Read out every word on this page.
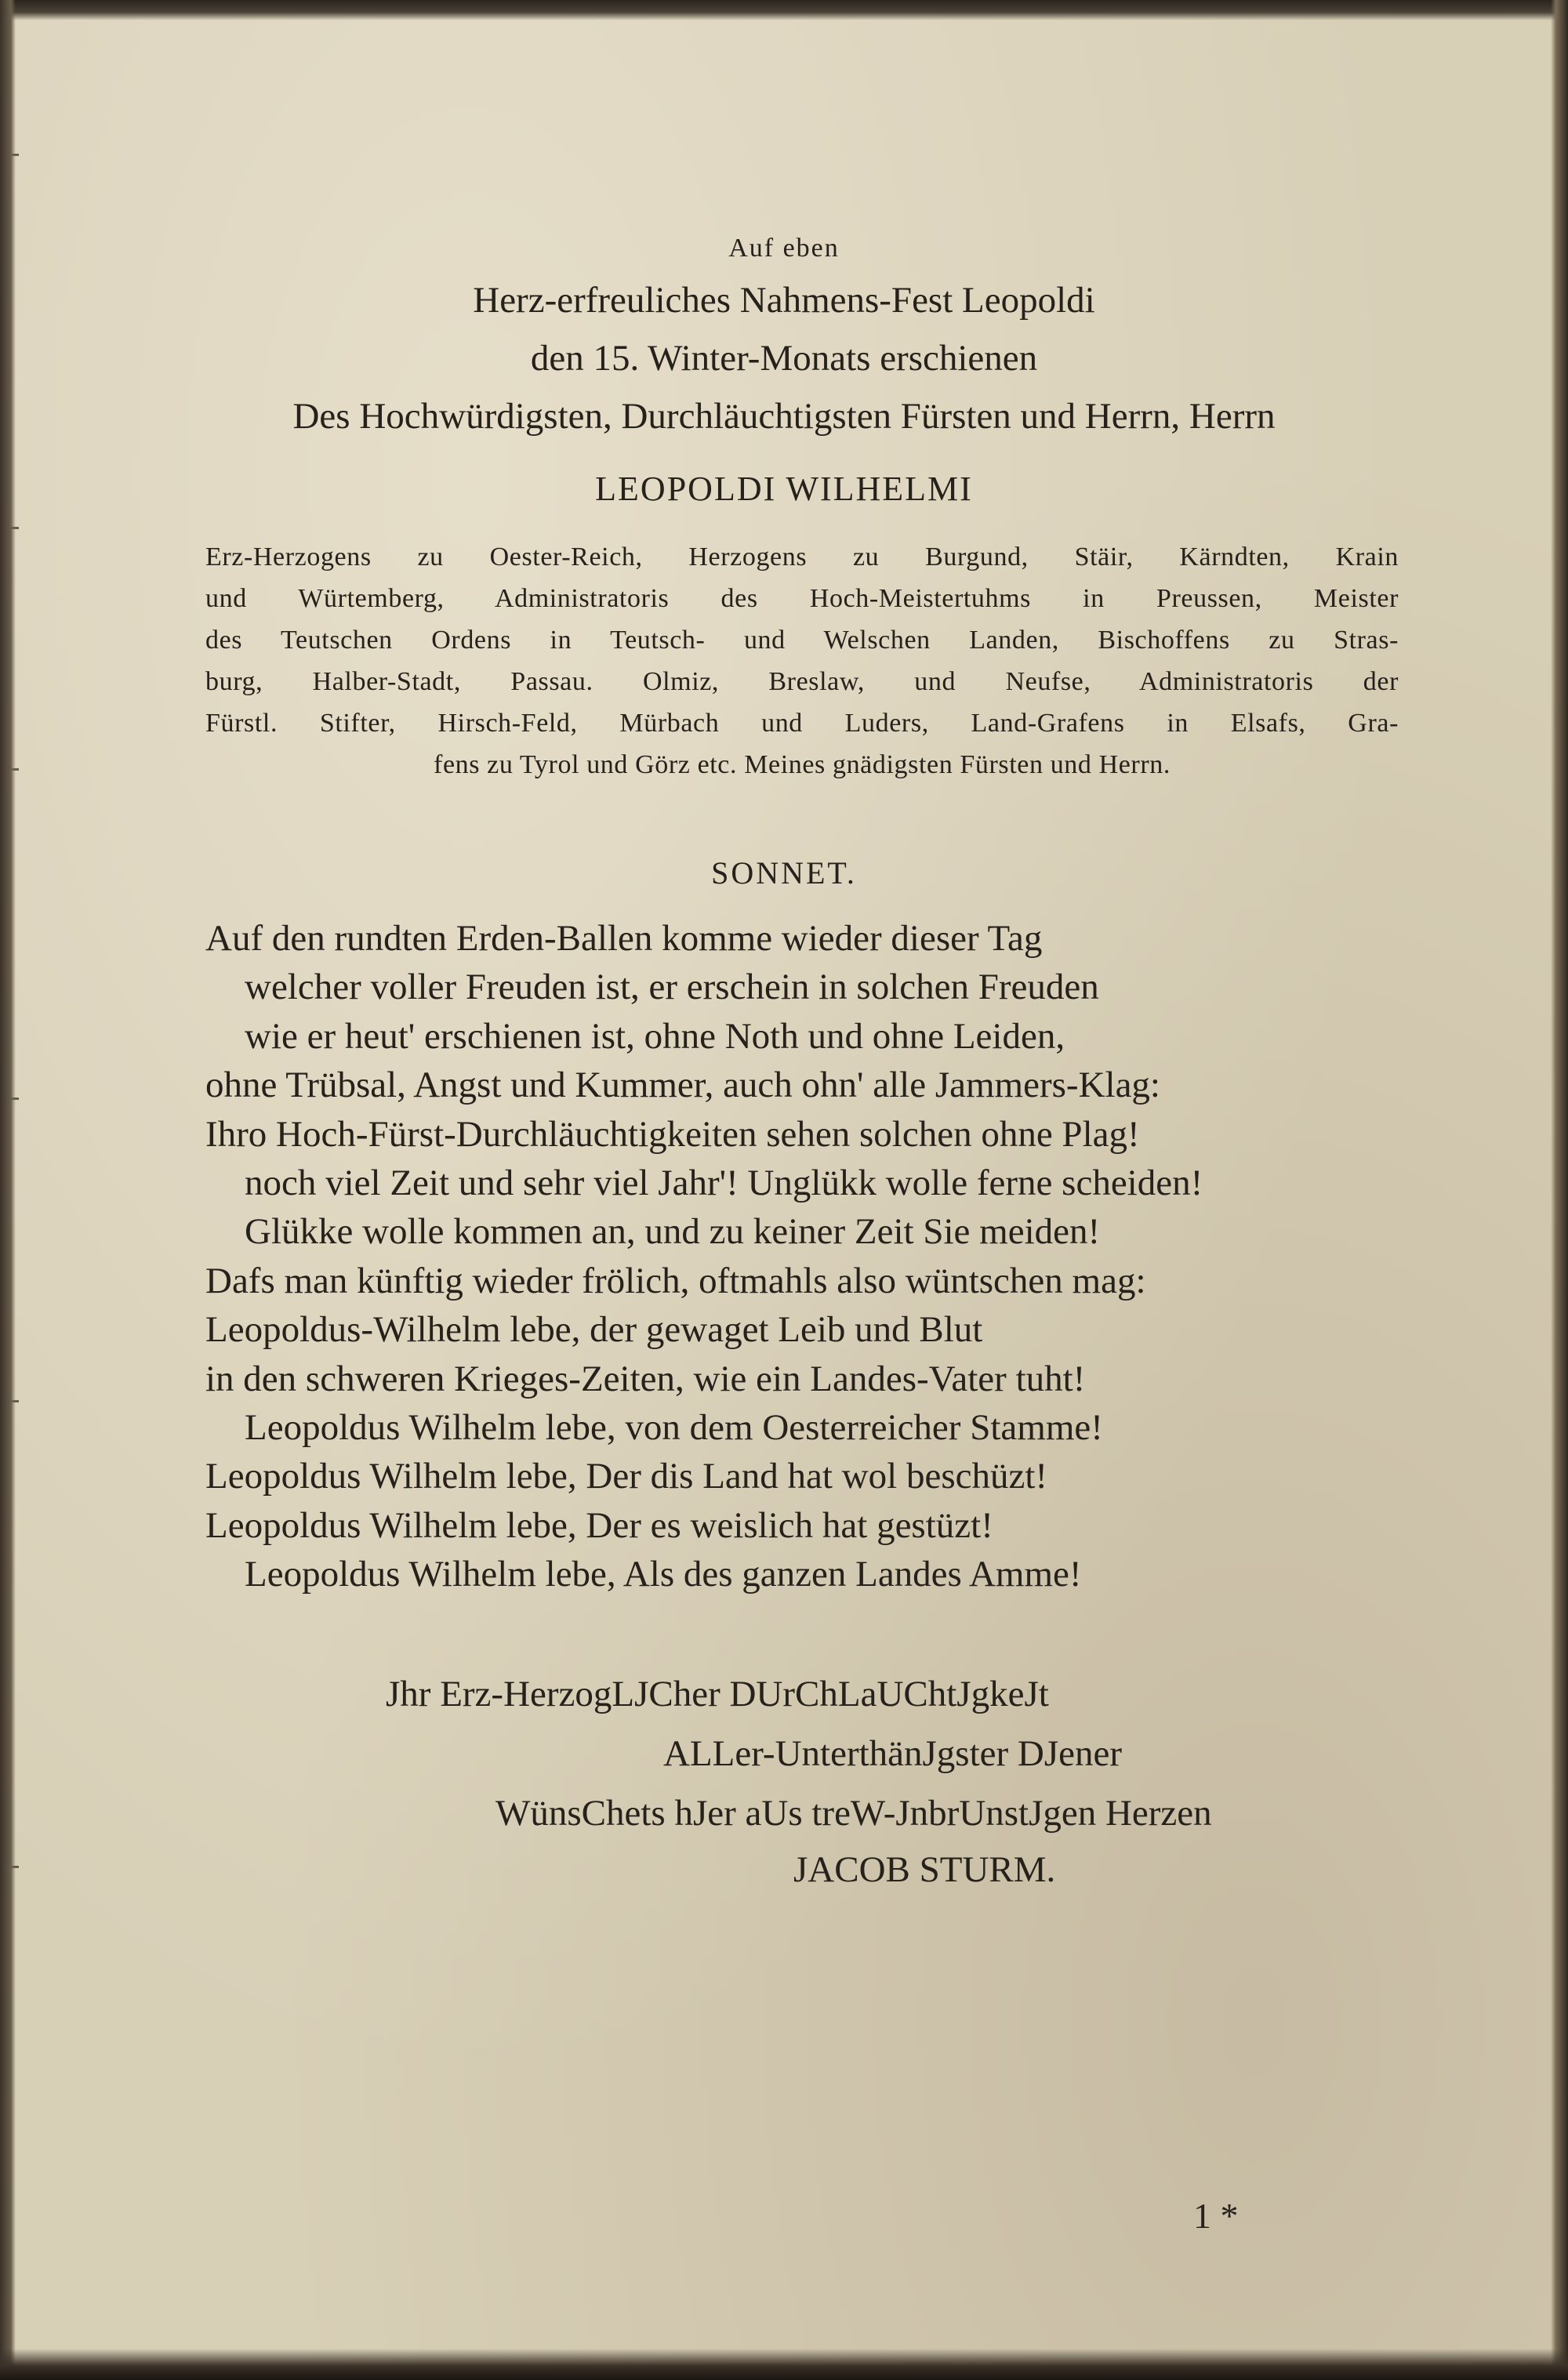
Auf eben
Herz-erfreuliches Nahmens-Fest Leopoldi
den 15. Winter-Monats erschienen
Des Hochwürdigsten, Durchläuchtigsten Fürsten und Herrn, Herrn
LEOPOLDI WILHELMI
Erz-Herzogens zu Oester-Reich, Herzogens zu Burgund, Stäir, Kärndten, Krain
und Würtemberg, Administratoris des Hoch-Meistertuhms in Preussen, Meister
des Teutschen Ordens in Teutsch- und Welschen Landen, Bischoffens zu Stras-
burg, Halber-Stadt, Passau. Olmiz, Breslaw, und Neufse, Administratoris der
Fürstl. Stifter, Hirsch-Feld, Mürbach und Luders, Land-Grafens in Elsafs, Gra-
fens zu Tyrol und Görz etc. Meines gnädigsten Fürsten und Herrn.
SONNET.
Auf den rundten Erden-Ballen komme wieder dieser Tag
welcher voller Freuden ist, er erschein in solchen Freuden
wie er heut' erschienen ist, ohne Noth und ohne Leiden,
ohne Trübsal, Angst und Kummer, auch ohn' alle Jammers-Klag:
Ihro Hoch-Fürst-Durchläuchtigkeiten sehen solchen ohne Plag!
noch viel Zeit und sehr viel Jahr'! Unglükk wolle ferne scheiden!
Glükke wolle kommen an, und zu keiner Zeit Sie meiden!
Dafs man künftig wieder frölich, oftmahls also wüntschen mag:
Leopoldus-Wilhelm lebe, der gewaget Leib und Blut
in den schweren Krieges-Zeiten, wie ein Landes-Vater tuht!
Leopoldus Wilhelm lebe, von dem Oesterreicher Stamme!
Leopoldus Wilhelm lebe, Der dis Land hat wol beschüzt!
Leopoldus Wilhelm lebe, Der es weislich hat gestüzt!
Leopoldus Wilhelm lebe, Als des ganzen Landes Amme!
Jhr Erz-HerzogLJCher DUrChLaUChtJgkeJt
ALLer-UnterthänJgster DJener
WünsChets hJer aUs treW-JnbrUnstJgen Herzen
JACOB STURM.
1 *
